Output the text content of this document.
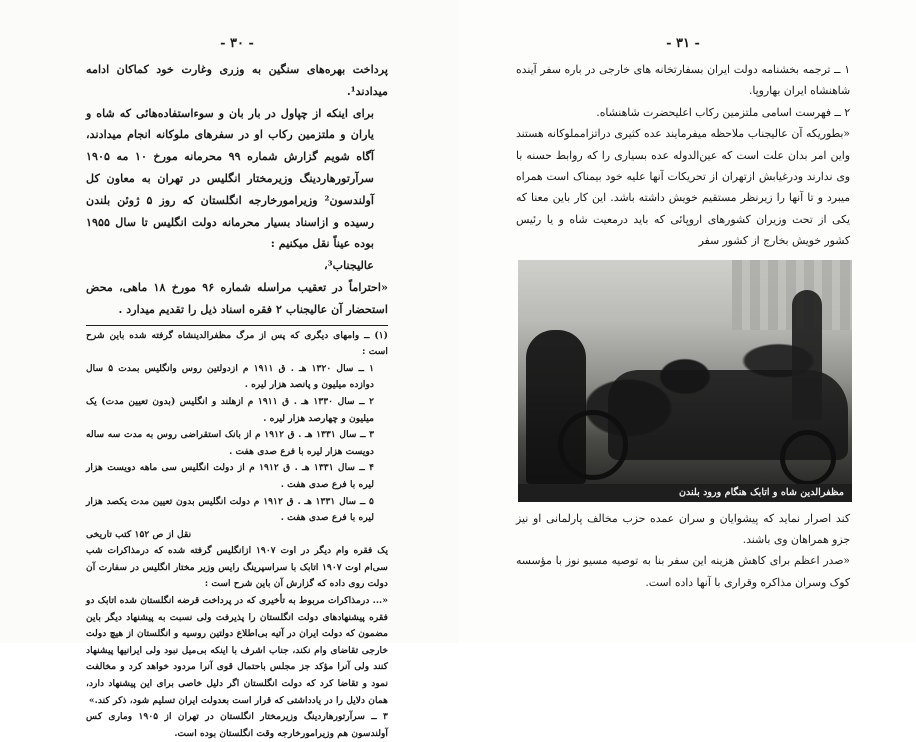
- ۳۰ -

پرداخت بهره‌های سنگین به وزری وغارت خود کماکان ادامه میدادند¹.

برای اینکه از چپاول در بار بان و سوءاستفاده‌هائی که شاه و یاران و ملتزمین رکاب او در سفرهای ملوکانه انجام میدادند، آگاه شویم گزارش شماره ۹۹ محرمانه مورخ ۱۰ مه ۱۹۰۵ سرآرتورهاردینگ وزیرمختار انگلیس در تهران به معاون کل آولندسون² وزیرامورخارجه انگلستان که روز ۵ ژوئن بلندن رسیده و ازاسناد بسیار محرمانه دولت انگلیس تا سال ۱۹۵۵ بوده عیناً نقل میکنیم :

عالیجناب³،

«احتراماً در تعقیب مراسله شماره ۹۶ مورخ ۱۸ ماهی، محض استحضار آن عالیجناب ۲ فقره اسناد ذیل را تقدیم میدارد .

(۱) ــ وامهای دیگری که پس از مرگ مظفرالدینشاه گرفته شده باین شرح است :

۱ ــ سال ۱۳۲۰ هـ . ق ۱۹۱۱ م ازدولتین روس وانگلیس بمدت ۵ سال دوازده میلیون و پانصد هزار لیره .

۲ ــ سال ۱۳۳۰ هـ . ق ۱۹۱۱ م ازهلند و انگلیس (بدون تعیین مدت) یک میلیون و چهارصد هزار لیره .

۳ ــ سال ۱۳۳۱ هـ . ق ۱۹۱۲ م از بانک استقراضی روس به مدت سه ساله دویست هزار لیره با فرع صدی هفت .

۴ ــ سال ۱۳۳۱ هـ . ق ۱۹۱۲ م از دولت انگلیس سی ماهه دویست هزار لیره با فرع صدی هفت .

۵ ــ سال ۱۳۳۱ هـ . ق ۱۹۱۲ م دولت انگلیس بدون تعیین مدت یکصد هزار لیره با فرع صدی هفت .

نقل از ص ۱۵۲ کتب تاریخی

یک فقره وام دیگر در اوت ۱۹۰۷ ازانگلیس گرفته شده که درمذاکرات شب سی‌ام اوت ۱۹۰۷ اتابک با سراسپرینگ رایس وزیر مختار انگلیس در سفارت آن دولت روی داده که گزارش آن باین شرح است :

«... درمذاکرات مربوط به تأخیری که در پرداخت قرضه انگلستان شده اتابک دو فقره پیشنهادهای دولت انگلستان را پذیرفت ولی نسبت به پیشنهاد دیگر باین مضمون که دولت ایران در آتیه بی‌اطلاع دولتین روسیه و انگلستان از هیچ دولت خارجی تقاضای وام نکند، جناب اشرف با اینکه بی‌میل نبود ولی ایرانیها پیشنهاد کنند ولی آنرا مؤکد جز مجلس باحتمال قوی آنرا مردود خواهد کرد و مخالفت نمود و تقاضا کرد که دولت انگلستان اگر دلیل خاصی برای این پیشنهاد دارد، همان دلایل را در یادداشتی که قرار است بعدولت ایران تسلیم شود، ذکر کند.»

۳ ــ سرآرتورهاردینگ وزیرمختار انگلستان در تهران از ۱۹۰۵ وماری کس آولندسون هم وزیرامورخارجه وقت انگلستان بوده است.

- ۳۱ -

۱ ــ ترجمه بخشنامه دولت ایران بسفارتخانه های خارجی در باره سفر آینده شاهنشاه ایران بهاروپا.

۲ ــ فهرست اسامی ملتزمین رکاب اعلیحضرت شاهنشاه.

«بطوریکه آن عالیجناب ملاحظه میفرمایند عده کثیری دراتزامملوکانه هستند واین امر بدان علت است که عین‌الدوله عده بسیاری را که روابط حسنه با وی ندارند ودرغیابش ازتهران از تحریکات آنها علیه خود بیمناک است همراه میبرد و تا آنها را زیرنظر مستقیم خویش داشته باشد. این کار باین معنا که یکی از تحت وزیران کشورهای اروپائی که باید درمعیت شاه و یا رئیس کشور خویش بخارج از کشور سفر

مظفرالدین شاه و اتابک هنگام ورود بلندن

کند اصرار نماید که پیشوایان و سران عمده حزب مخالف پارلمانی او نیز جزو همراهان وی باشند.

«صدر اعظم برای کاهش هزینه این سفر بنا به توصیه مسیو نوز با مؤسسه کوک وسران مذاکره وقراری با آنها داده است.
